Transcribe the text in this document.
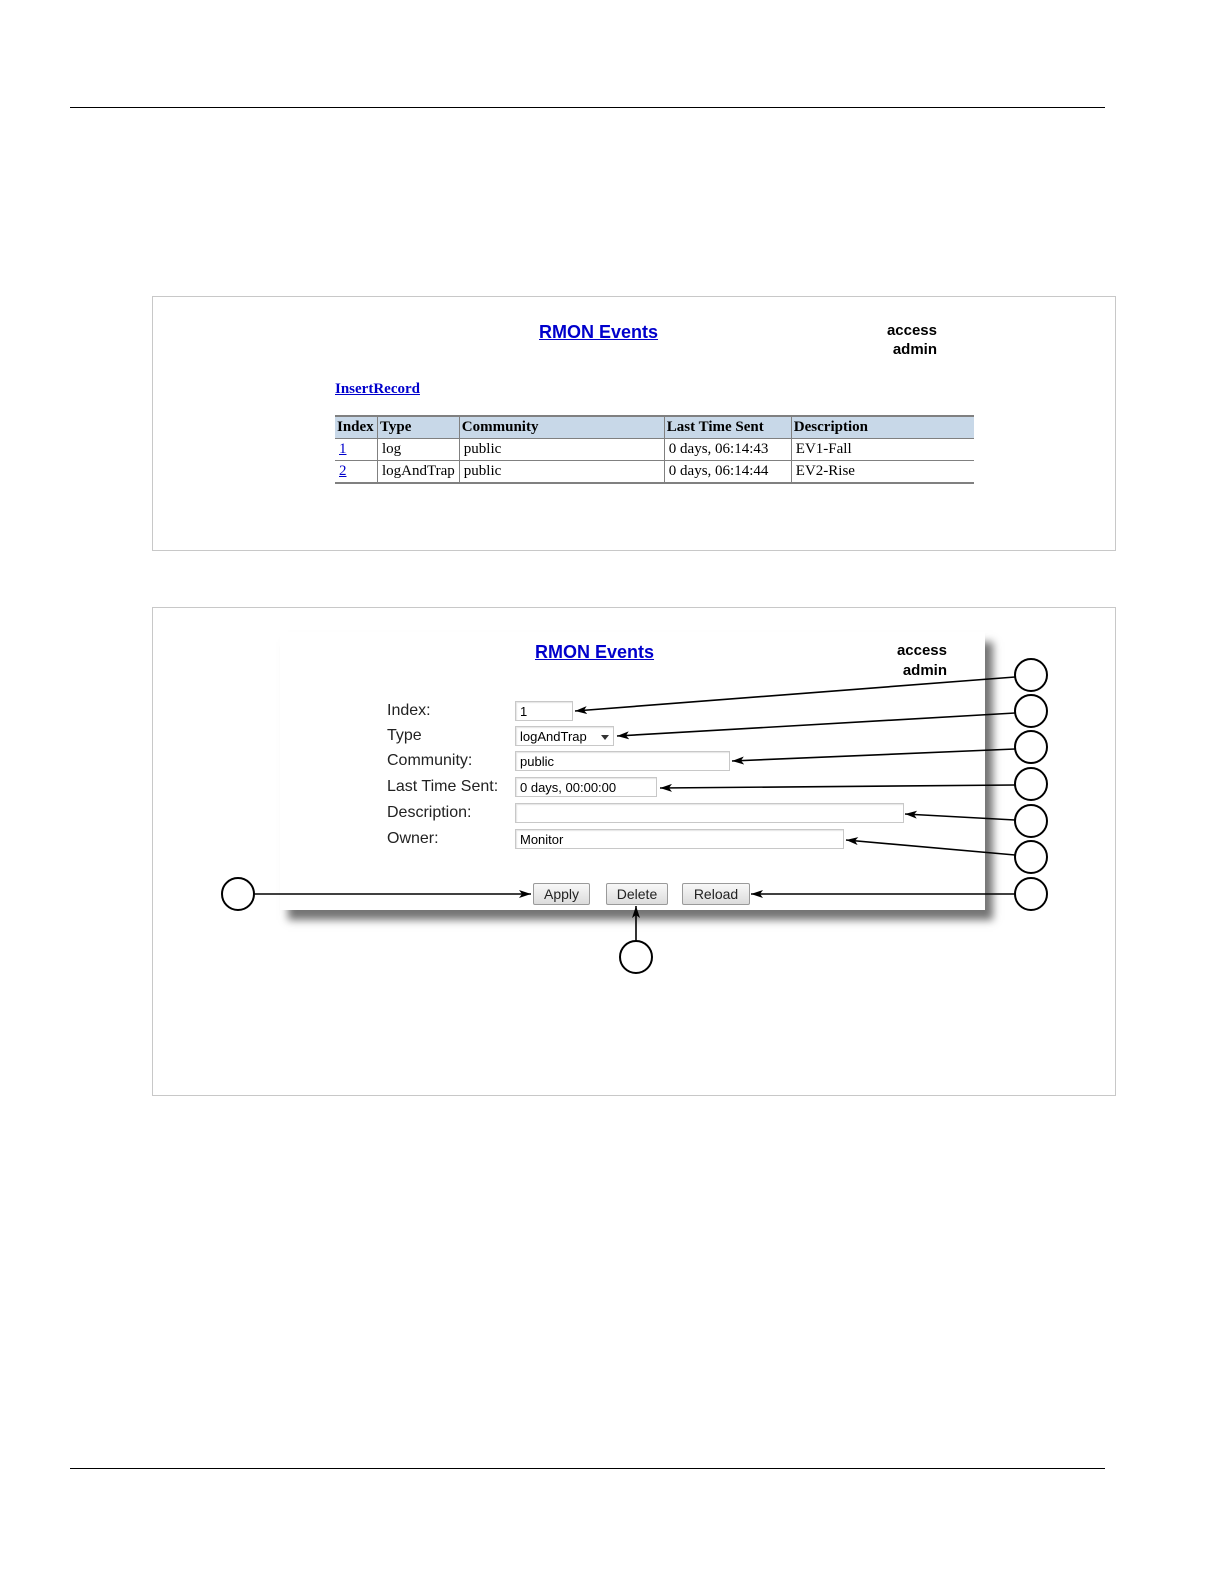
RMON Events	access
admin
InsertRecord
Index	Type	Community	Last Time Sent	Description
1	log	public	0 days, 06:14:43	EV1-Fall
2	logAndTrap	public	0 days, 06:14:44	EV2-Rise
RMON Events	access
admin
Index:	1
Type	logAndTrap
Community:	public
Last Time Sent:	0 days, 00:00:00
Description:
Owner:	Monitor
Apply	Delete	Reload
